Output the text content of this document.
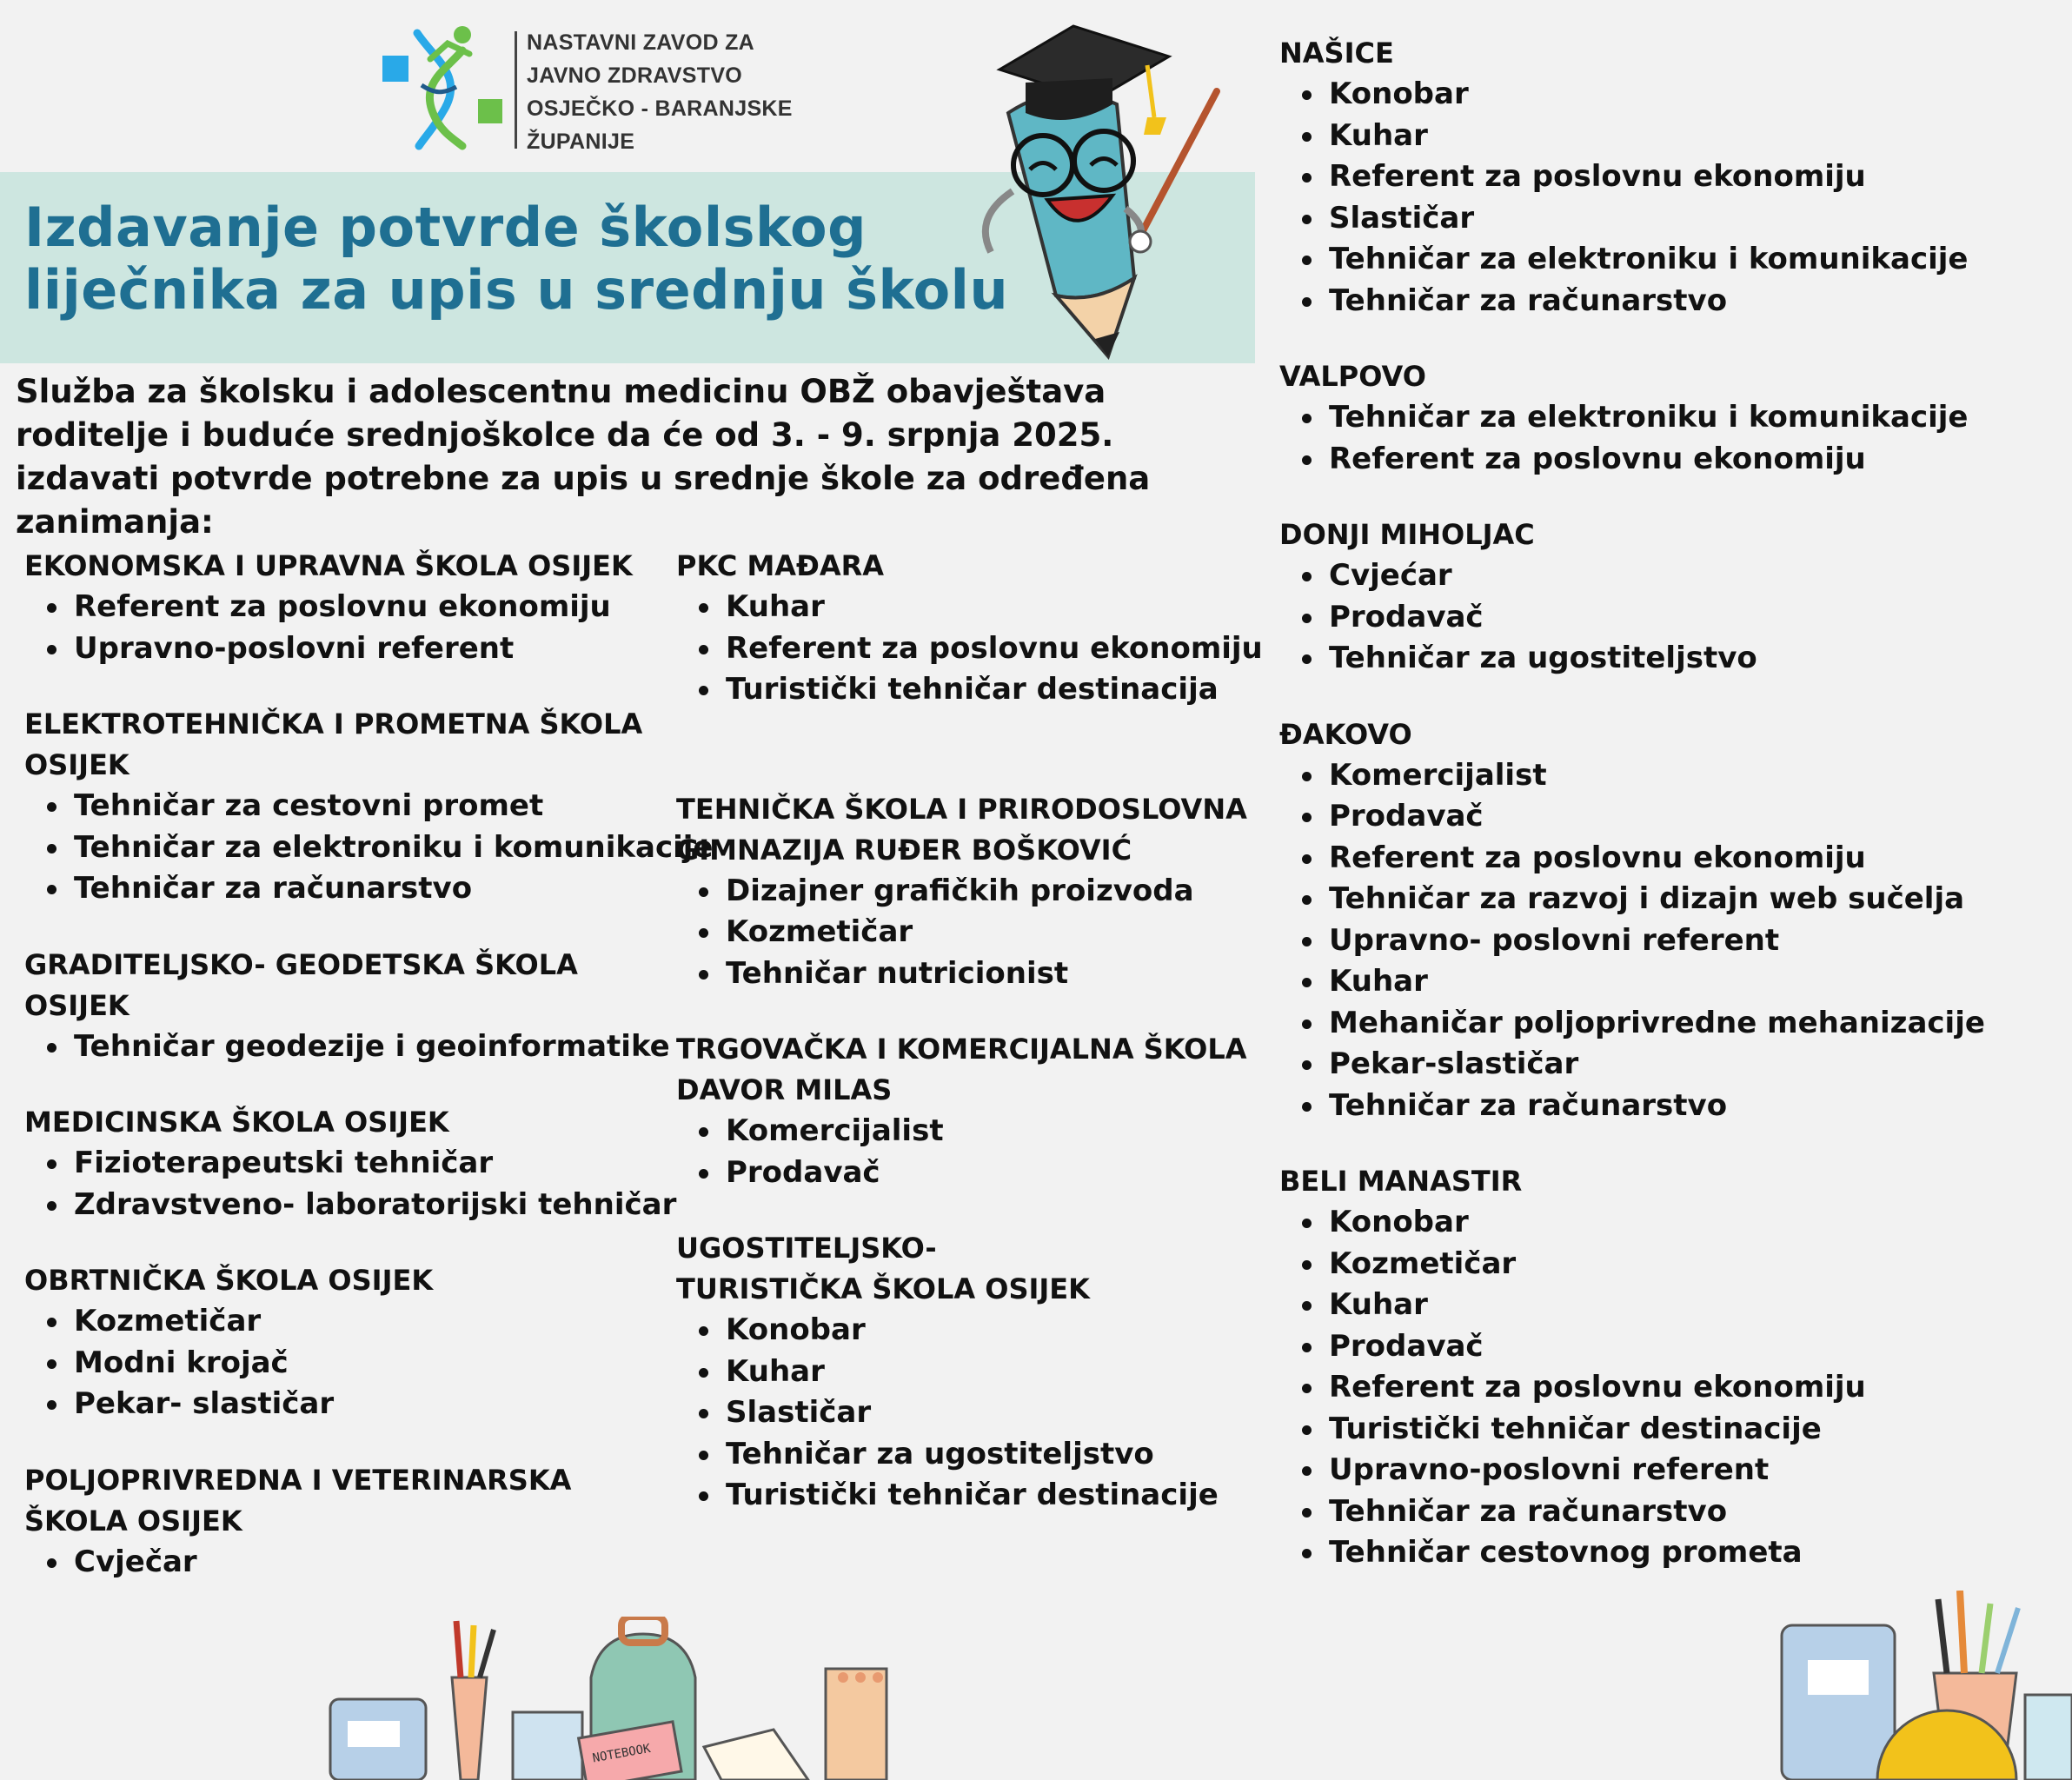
NASTAVNI ZAVOD ZA
JAVNO ZDRAVSTVO
OSJEČKO - BARANJSKE
ŽUPANIJE
Izdavanje potvrde školskog
liječnika za upis u srednju školu
Služba za školsku i adolescentnu medicinu OBŽ obavještava roditelje i buduće srednjoškolce da će od 3. - 9. srpnja 2025. izdavati potvrde potrebne za upis u srednje škole za određena zanimanja:
EKONOMSKA I UPRAVNA ŠKOLA OSIJEK
Referent za poslovnu ekonomiju
Upravno-poslovni referent
ELEKTROTEHNIČKA I PROMETNA ŠKOLA OSIJEK
Tehničar za cestovni promet
Tehničar za elektroniku i komunikacije
Tehničar za računarstvo
GRADITELJSKO- GEODETSKA ŠKOLA OSIJEK
Tehničar geodezije i geoinformatike
MEDICINSKA ŠKOLA OSIJEK
Fizioterapeutski tehničar
Zdravstveno- laboratorijski tehničar
OBRTNIČKA ŠKOLA OSIJEK
Kozmetičar
Modni krojač
Pekar- slastičar
POLJOPRIVREDNA I VETERINARSKA ŠKOLA OSIJEK
Cvječar
PKC MAĐARA
Kuhar
Referent za poslovnu ekonomiju
Turistički tehničar destinacija
TEHNIČKA ŠKOLA I PRIRODOSLOVNA GIMNAZIJA RUĐER BOŠKOVIĆ
Dizajner grafičkih proizvoda
Kozmetičar
Tehničar nutricionist
TRGOVAČKA I KOMERCIJALNA ŠKOLA DAVOR MILAS
Komercijalist
Prodavač
UGOSTITELJSKO- TURISTIČKA ŠKOLA OSIJEK
Konobar
Kuhar
Slastičar
Tehničar za ugostiteljstvo
Turistički tehničar destinacije
NAŠICE
Konobar
Kuhar
Referent za poslovnu ekonomiju
Slastičar
Tehničar za elektroniku i komunikacije
Tehničar za računarstvo
VALPOVO
Tehničar za elektroniku i komunikacije
Referent za poslovnu ekonomiju
DONJI MIHOLJAC
Cvjećar
Prodavač
Tehničar za ugostiteljstvo
ĐAKOVO
Komercijalist
Prodavač
Referent za poslovnu ekonomiju
Tehničar za razvoj i dizajn web sučelja
Upravno- poslovni referent
Kuhar
Mehaničar poljoprivredne mehanizacije
Pekar-slastičar
Tehničar za računarstvo
BELI MANASTIR
Konobar
Kozmetičar
Kuhar
Prodavač
Referent za poslovnu ekonomiju
Turistički tehničar destinacije
Upravno-poslovni referent
Tehničar za računarstvo
Tehničar cestovnog prometa
NOTEBOOK
